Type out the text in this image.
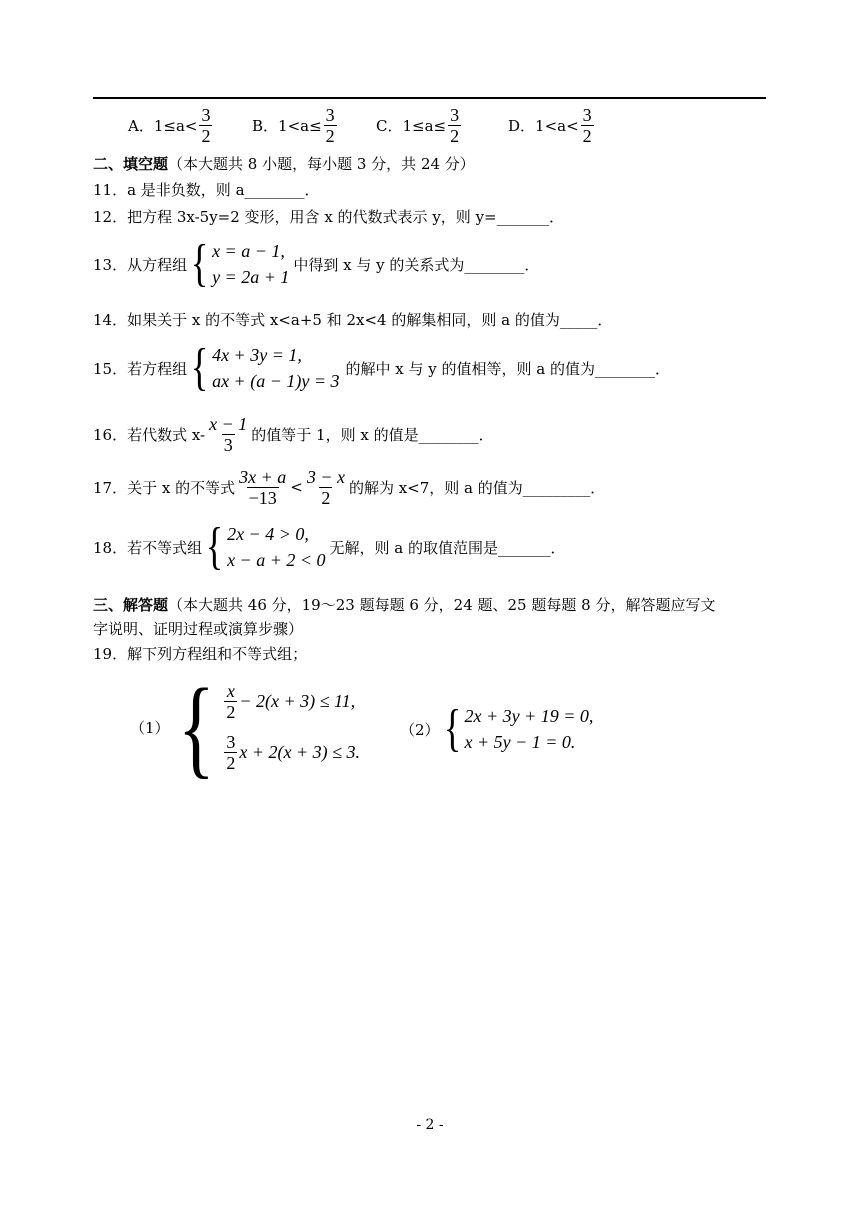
A．$1\le a< \frac{3}{2}$	B．$1<a\le \frac{3}{2}$	C．$1\le a\le \frac{3}{2}$	D．$1<a< \frac{3}{2}$
二、填空题（本大题共 8 小题，每小题 3 分，共 24 分）
11．a 是非负数，则 a________．
12．把方程 3x-5y=2 变形，用含 x 的代数式表示 y，则 y=_______．
13．从方程组 { x = a − 1,
y = 2a + 1
中得到 x 与 y 的关系式为________．
14．如果关于 x 的不等式 x<a+5 和 2x<4 的解集相同，则 a 的值为_____．
15．若方程组 { 4x + 3y = 1,
ax + (a − 1)y = 3
的解中 x 与 y 的值相等，则 a 的值为________．
16．若代数式 $x- \frac{x - 1}{3}$ 的值等于 1，则 x 的值是________．
17．关于 x 的不等式 $\frac{3x + a}{-13} < \frac{3 - x}{2}$ 的解为 x<7，则 a 的值为_________．
18．若不等式组 { 2x − 4 > 0,
x − a + 2 < 0
无解，则 a 的取值范围是_______．
三、解答题（本大题共 46 分，19～23 题每题 6 分，24 题、25 题每题 8 分，解答题应写文
字说明、证明过程或演算步骤）
19．解下列方程组和不等式组；
（1） { $\frac{x}{2} - 2(x + 3) \le 11$,
$\frac{3}{2}$ x + 2(x + 3) ≤ 3.
（2） { 2x + 3y + 19 = 0,
x + 5y − 1 = 0.
- 2 -
